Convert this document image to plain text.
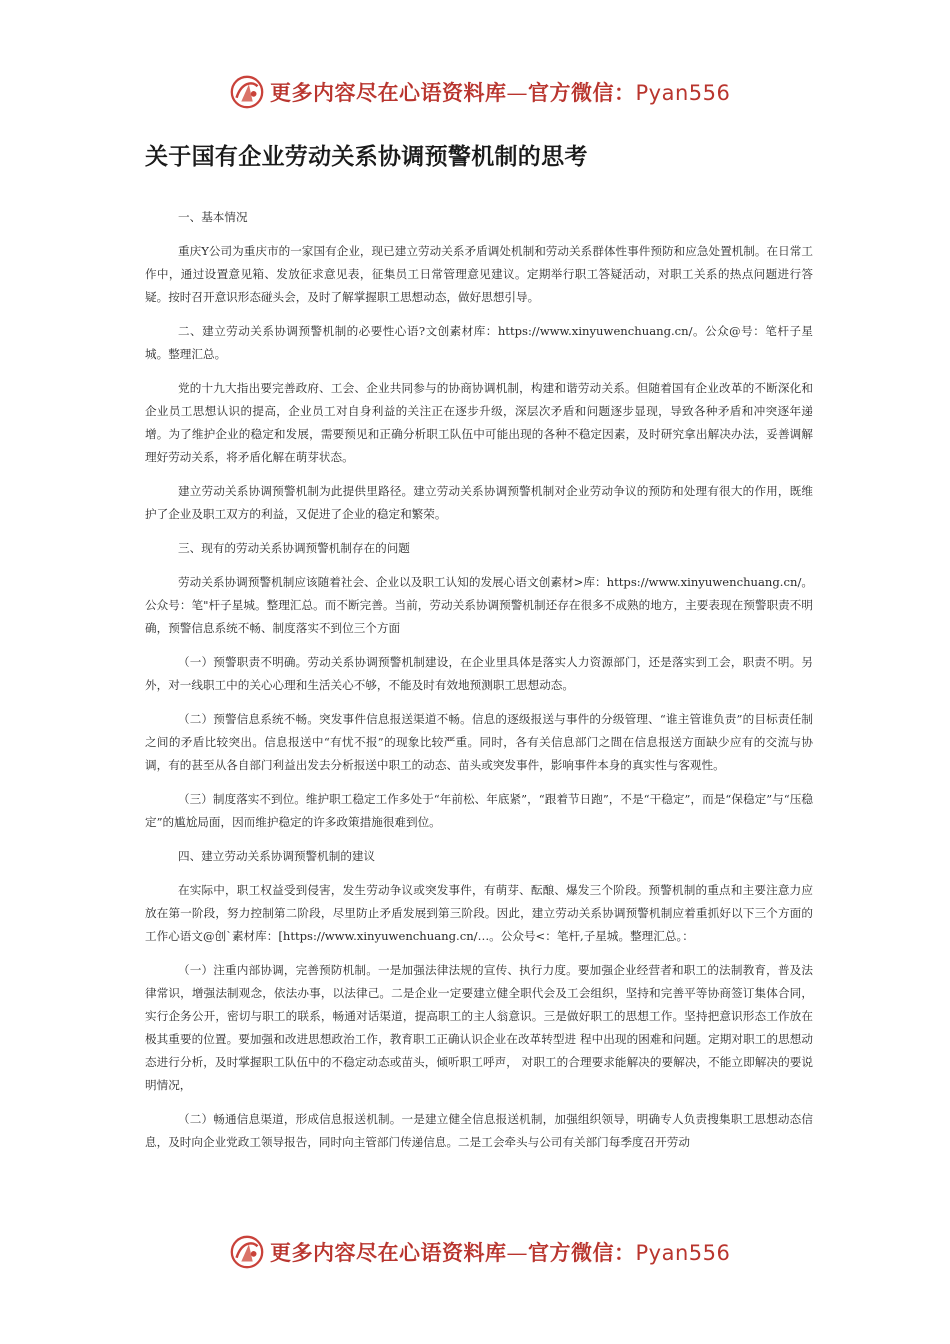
更多内容尽在心语资料库—官方微信：Pyan556
关于国有企业劳动关系协调预警机制的思考
一、基本情况
重庆Y公司为重庆市的一家国有企业，现已建立劳动关系矛盾调处机制和劳动关系群体性事件预防和应急处置机制。在日常工作中，通过设置意见箱、发放征求意见表，征集员工日常管理意见建议。定期举行职工答疑活动，对职工关系的热点问题进行答疑。按时召开意识形态碰头会，及时了解掌握职工思想动态，做好思想引导。
二、建立劳动关系协调预警机制的必要性心语?文创素材库：https://www.xinyuwenchuang.cn/。公众@号：笔杆子星城。整理汇总。
党的十九大指出要完善政府、工会、企业共同参与的协商协调机制，构建和谐劳动关系。但随着国有企业改革的不断深化和企业员工思想认识的提高，企业员工对自身利益的关注正在逐步升级，深层次矛盾和问题逐步显现，导致各种矛盾和冲突逐年递增。为了维护企业的稳定和发展，需要预见和正确分析职工队伍中可能出现的各种不稳定因素，及时研究拿出解决办法，妥善调解理好劳动关系，将矛盾化解在萌芽状态。
建立劳动关系协调预警机制为此提供里路径。建立劳动关系协调预警机制对企业劳动争议的预防和处理有很大的作用，既维护了企业及职工双方的利益，又促进了企业的稳定和繁荣。
三、现有的劳动关系协调预警机制存在的问题
劳动关系协调预警机制应该随着社会、企业以及职工认知的发展心语文创素材>库：https://www.xinyuwenchuang.cn/。公众号：笔"杆子星城。整理汇总。而不断完善。当前，劳动关系协调预警机制还存在很多不成熟的地方，主要表现在预警职责不明确，预警信息系统不畅、制度落实不到位三个方面
（一）预警职责不明确。劳动关系协调预警机制建设，在企业里具体是落实人力资源部门，还是落实到工会，职责不明。另外，对一线职工中的关心心理和生活关心不够，不能及时有效地预测职工思想动态。
（二）预警信息系统不畅。突发事件信息报送渠道不畅。信息的逐级报送与事件的分级管理、“谁主管谁负责”的目标责任制之间的矛盾比较突出。信息报送中“有忧不报”的现象比较严重。同时，各有关信息部门之間在信息报送方面缺少应有的交流与协调，有的甚至从各自部门利益出发去分析报送中职工的动态、苗头或突发事件，影响事件本身的真实性与客观性。
（三）制度落实不到位。维护职工稳定工作多处于“年前松、年底紧”，“跟着节日跑”，不是“干稳定”，而是“保稳定”与“压稳定”的尴尬局面，因而维护稳定的许多政策措施很难到位。
四、建立劳动关系协调预警机制的建议
在实际中，职工权益受到侵害，发生劳动争议或突发事件，有萌芽、酝酿、爆发三个阶段。预警机制的重点和主要注意力应放在第一阶段，努力控制第二阶段，尽里防止矛盾发展到第三阶段。因此，建立劳动关系协调预警机制应着重抓好以下三个方面的工作心语文@创`素材库：[https://www.xinyuwenchuang.cn/…。公众号<：笔杆,子星城。整理汇总。：
（一）注重内部协调，完善预防机制。一是加强法律法规的宣传、执行力度。要加强企业经营者和职工的法制教育，普及法律常识，增强法制观念，依法办事，以法律己。二是企业一定要建立健全职代会及工会组织，坚持和完善平等协商签订集体合同，实行企务公开，密切与职工的联系，畅通对话渠道，提高职工的主人翁意识。三是做好职工的思想工作。坚持把意识形态工作放在极其重要的位置。要加强和改进思想政治工作，教育职工正确认识企业在改革转型进 程中出现的困难和问题。定期对职工的思想动态进行分析，及时掌握职工队伍中的不稳定动态或苗头，倾听职工呼声， 对职工的合理要求能解决的要解决，不能立即解决的要说明情况，
（二）畅通信息渠道，形成信息报送机制。一是建立健全信息报送机制，加强组织领导，明确专人负责搜集职工思想动态信息，及时向企业党政工领导报告，同时向主管部门传递信息。二是工会牵头与公司有关部门每季度召开劳动
更多内容尽在心语资料库—官方微信：Pyan556
